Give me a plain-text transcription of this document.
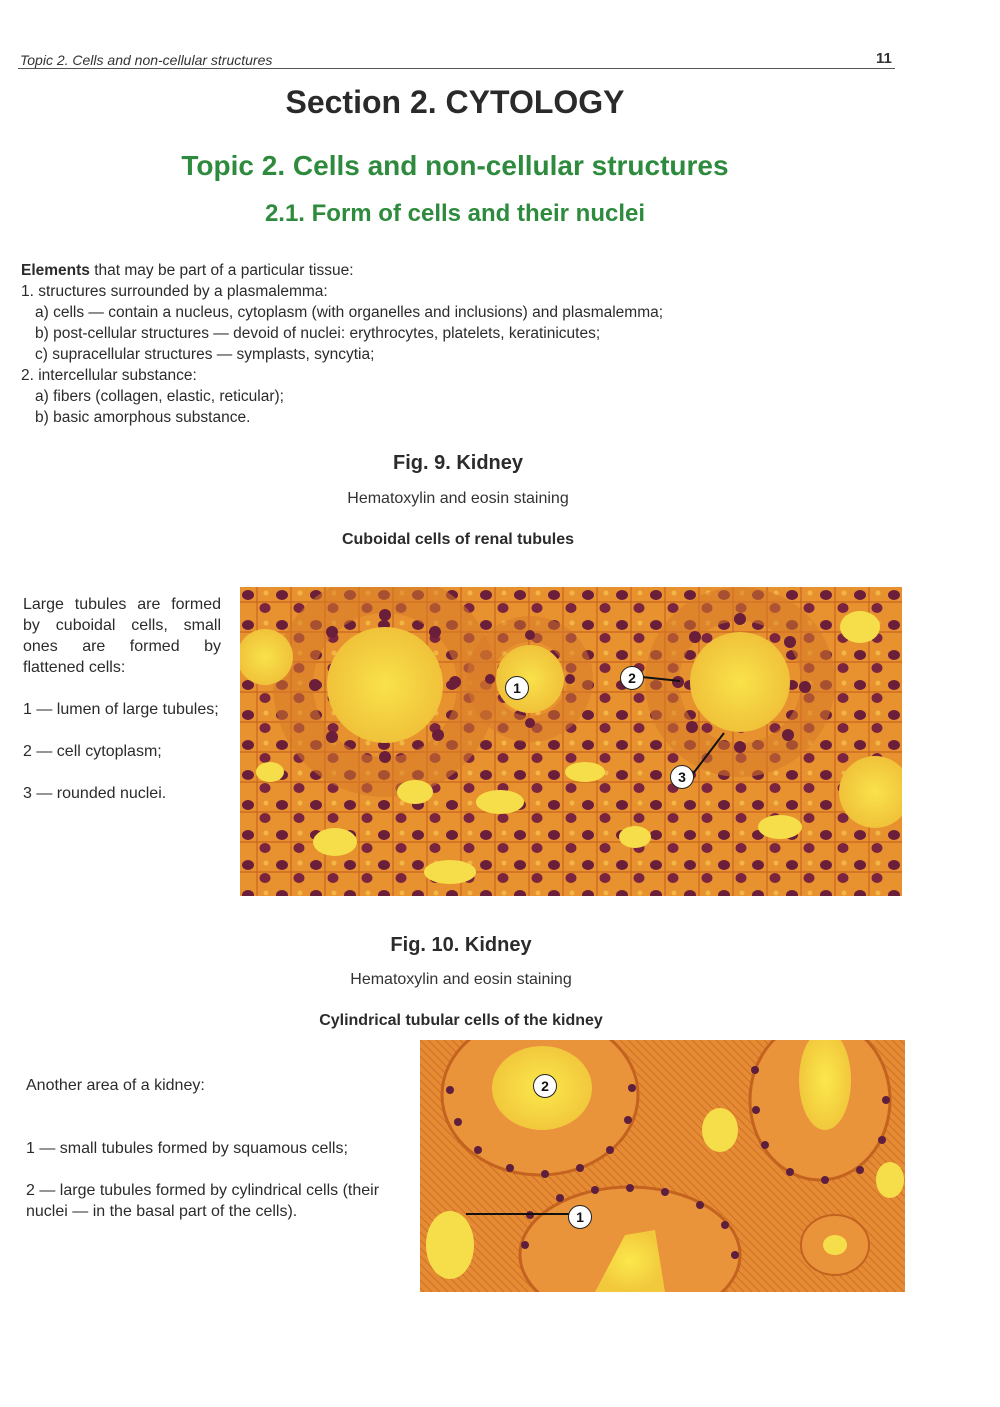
Topic 2. Cells and non-cellular structures	11
Section 2. CYTOLOGY
Topic 2. Cells and non-cellular structures
2.1. Form of cells and their nuclei
Elements that may be part of a particular tissue:
1. structures surrounded by a plasmalemma:
a) cells — contain a nucleus, cytoplasm (with organelles and inclusions) and plasmalemma;
b) post-cellular structures — devoid of nuclei: erythrocytes, platelets, keratinicutes;
c) supracellular structures — symplasts, syncytia;
2. intercellular substance:
a) fibers (collagen, elastic, reticular);
b) basic amorphous substance.
Fig. 9. Kidney
Hematoxylin and eosin staining
Cuboidal cells of renal tubules
Large tubules are formed by cuboidal cells, small ones are formed by flattened cells:
1 — lumen of large tubules;
2 — cell cytoplasm;
3 — rounded nuclei.
1
2
3
Fig. 10. Kidney
Hematoxylin and eosin staining
Cylindrical tubular cells of the kidney
Another area of a kidney:
1 — small tubules formed by squamous cells;
2 — large tubules formed by cylindrical cells (their nuclei — in the basal part of the cells).
2
1
